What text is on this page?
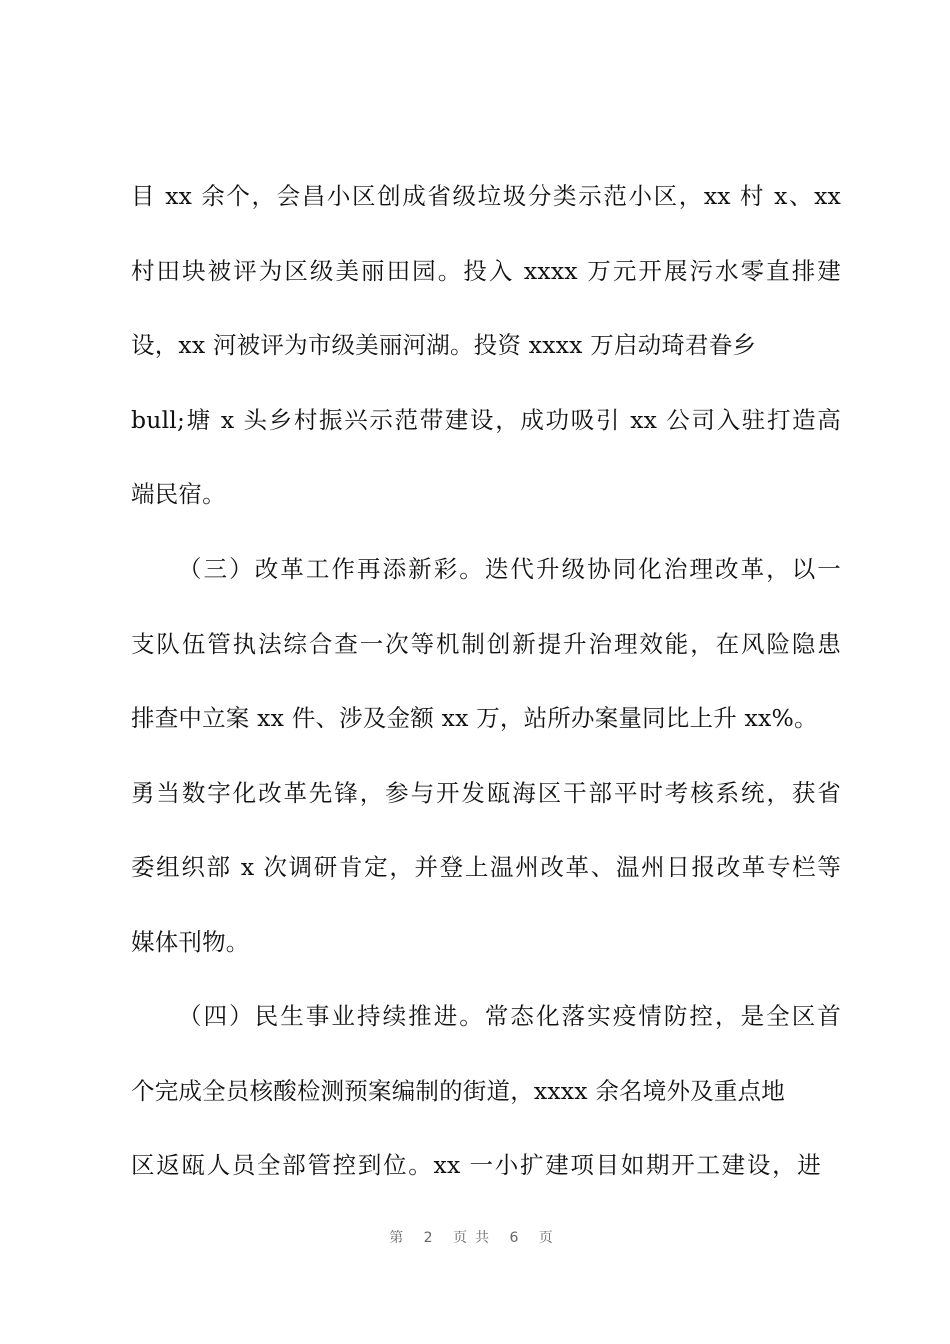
目 xx 余个，会昌小区创成省级垃圾分类示范小区，xx 村 x、xx
村田块被评为区级美丽田园。投入 xxxx 万元开展污水零直排建
设，xx 河被评为市级美丽河湖。投资 xxxx 万启动琦君眷乡
bull;塘 x 头乡村振兴示范带建设，成功吸引 xx 公司入驻打造高
端民宿。
（三）改革工作再添新彩。迭代升级协同化治理改革，以一
支队伍管执法综合查一次等机制创新提升治理效能，在风险隐患
排查中立案 xx 件、涉及金额 xx 万，站所办案量同比上升 xx%。
勇当数字化改革先锋，参与开发瓯海区干部平时考核系统，获省
委组织部 x 次调研肯定，并登上温州改革、温州日报改革专栏等
媒体刊物。
（四）民生事业持续推进。常态化落实疫情防控，是全区首
个完成全员核酸检测预案编制的街道，xxxx 余名境外及重点地
区返瓯人员全部管控到位。xx 一小扩建项目如期开工建设，进
第 2 页共 6 页
